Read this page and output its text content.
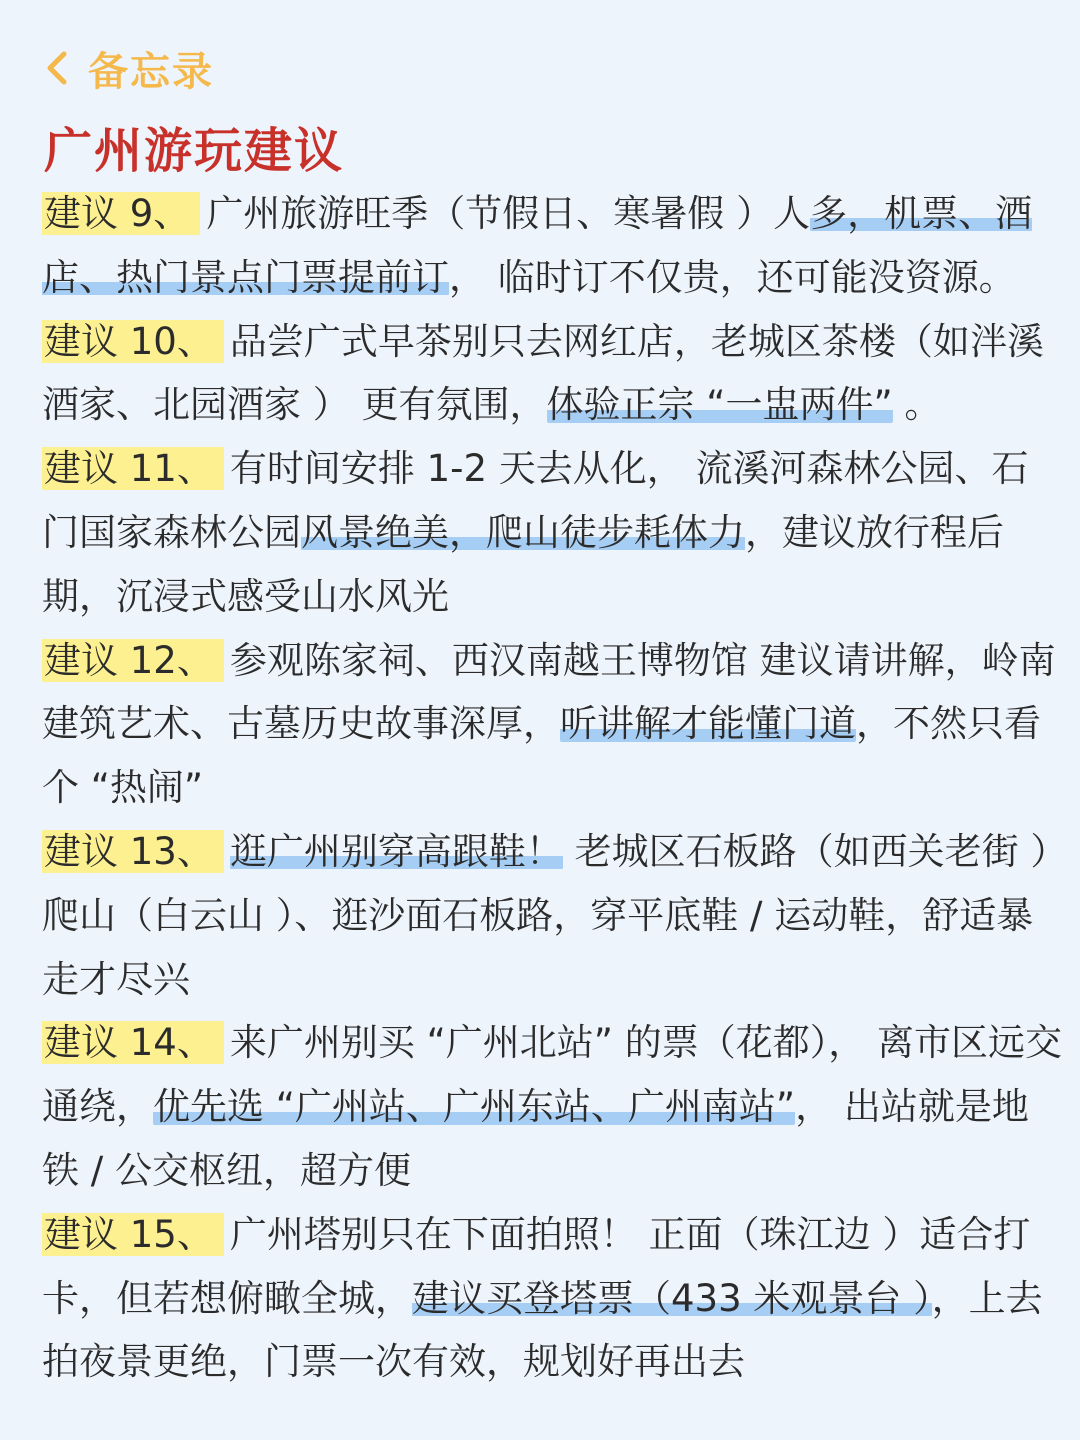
备忘录
广州游玩建议

建议 9、 广州旅游旺季（节假日、寒暑假 ）人多，机票、酒店、热门景点门票提前订， 临时订不仅贵，还可能没资源。

建议 10、 品尝广式早茶别只去网红店，老城区茶楼（如泮溪酒家、北园酒家 ） 更有氛围，体验正宗 “一盅两件” 。

建议 11、 有时间安排 1-2 天去从化， 流溪河森林公园、石门国家森林公园风景绝美，爬山徒步耗体力，建议放行程后期，沉浸式感受山水风光

建议 12、 参观陈家祠、西汉南越王博物馆 建议请讲解，岭南建筑艺术、古墓历史故事深厚，听讲解才能懂门道，不然只看个 “热闹”

建议 13、 逛广州别穿高跟鞋！ 老城区石板路（如西关老街 ）爬山（白云山 ）、逛沙面石板路，穿平底鞋 / 运动鞋，舒适暴走才尽兴

建议 14、 来广州别买 “广州北站” 的票（花都）， 离市区远交通绕，优先选 “广州站、广州东站、广州南站”， 出站就是地铁 / 公交枢纽，超方便

建议 15、 广州塔别只在下面拍照！ 正面（珠江边 ）适合打卡，但若想俯瞰全城，建议买登塔票（433 米观景台 ），上去拍夜景更绝，门票一次有效，规划好再出去
